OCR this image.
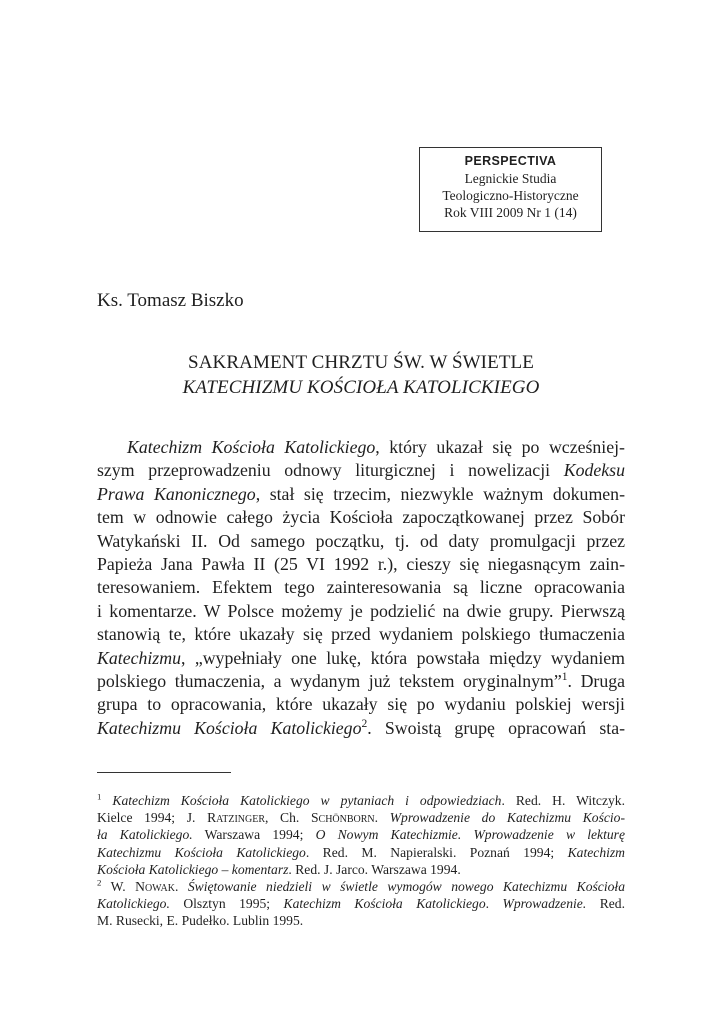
PERSPECTIVA
Legnickie Studia
Teologiczno-Historyczne
Rok VIII 2009 Nr 1 (14)

Ks. Tomasz Biszko

SAKRAMENT CHRZTU ŚW. W ŚWIETLE
KATECHIZMU KOŚCIOŁA KATOLICKIEGO
Katechizm Kościoła Katolickiego, który ukazał się po wcześniej-
szym przeprowadzeniu odnowy liturgicznej i nowelizacji Kodeksu
Prawa Kanonicznego, stał się trzecim, niezwykle ważnym dokumen-
tem w odnowie całego życia Kościoła zapoczątkowanej przez Sobór
Watykański II. Od samego początku, tj. od daty promulgacji przez
Papieża Jana Pawła II (25 VI 1992 r.), cieszy się niegasnącym zain-
teresowaniem. Efektem tego zainteresowania są liczne opracowania
i komentarze. W Polsce możemy je podzielić na dwie grupy. Pierwszą
stanowią te, które ukazały się przed wydaniem polskiego tłumaczenia
Katechizmu, „wypełniały one lukę, która powstała między wydaniem
polskiego tłumaczenia, a wydanym już tekstem oryginalnym”$^1$. Druga
grupa to opracowania, które ukazały się po wydaniu polskiej wersji
Katechizmu Kościoła Katolickiego$^2$. Swoistą grupę opracowań sta-
$^1$ Katechizm Kościoła Katolickiego w pytaniach i odpowiedziach. Red. H. Witczyk.
Kielce 1994; J. Ratzinger, Ch. Schönborn. Wprowadzenie do Katechizmu Kościo-
ła Katolickiego. Warszawa 1994; O Nowym Katechizmie. Wprowadzenie w lekturę
Katechizmu Kościoła Katolickiego. Red. M. Napieralski. Poznań 1994; Katechizm
Kościoła Katolickiego – komentarz. Red. J. Jarco. Warszawa 1994.
$^2$ W. Nowak. Świętowanie niedzieli w świetle wymogów nowego Katechizmu Kościoła
Katolickiego. Olsztyn 1995; Katechizm Kościoła Katolickiego. Wprowadzenie. Red.
M. Rusecki, E. Pudełko. Lublin 1995.
